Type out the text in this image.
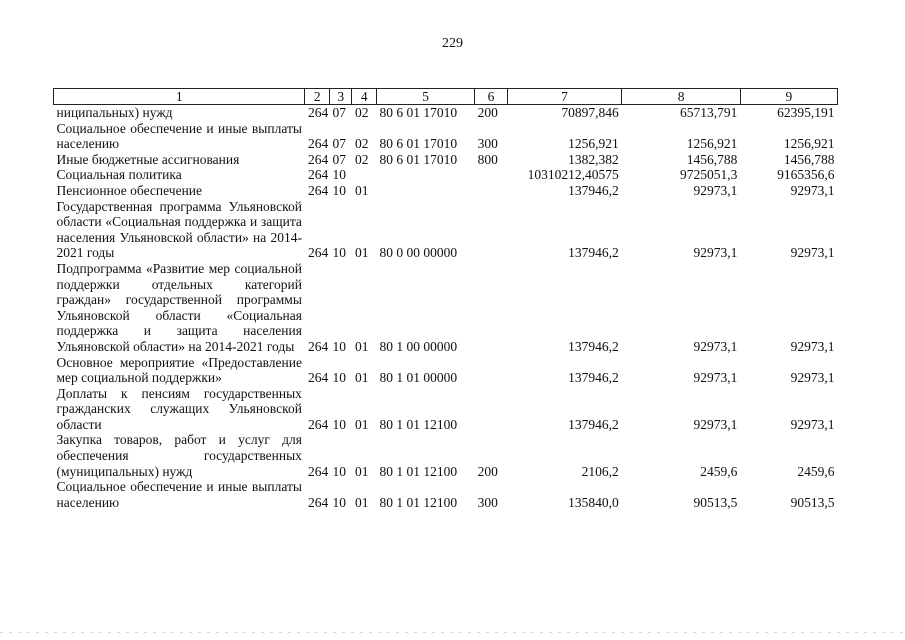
229
1	2	3	4	5	6	7	8	9
ниципальных) нужд	264	07	02	80 6 01 17010	200	70897,846	65713,791	62395,191
Социальное обеспечение и иные выплаты населению	264	07	02	80 6 01 17010	300	1256,921	1256,921	1256,921
Иные бюджетные ассигнования	264	07	02	80 6 01 17010	800	1382,382	1456,788	1456,788
Социальная политика	264	10				10310212,40575	9725051,3	9165356,6
Пенсионное обеспечение	264	10	01			137946,2	92973,1	92973,1
Государственная программа Ульяновской области «Социальная поддержка и защита населения Ульяновской области» на 2014-2021 годы	264	10	01	80 0 00 00000		137946,2	92973,1	92973,1
Подпрограмма «Развитие мер социальной поддержки отдельных категорий граждан» государственной программы Ульяновской области «Социальная поддержка и защита населения Ульяновской области» на 2014-2021 годы	264	10	01	80 1 00 00000		137946,2	92973,1	92973,1
Основное мероприятие «Предоставление мер социальной поддержки»	264	10	01	80 1 01 00000		137946,2	92973,1	92973,1
Доплаты к пенсиям государственных гражданских служащих Ульяновской области	264	10	01	80 1 01 12100		137946,2	92973,1	92973,1
Закупка товаров, работ и услуг для обеспечения государственных (муниципальных) нужд	264	10	01	80 1 01 12100	200	2106,2	2459,6	2459,6
Социальное обеспечение и иные выплаты населению	264	10	01	80 1 01 12100	300	135840,0	90513,5	90513,5
